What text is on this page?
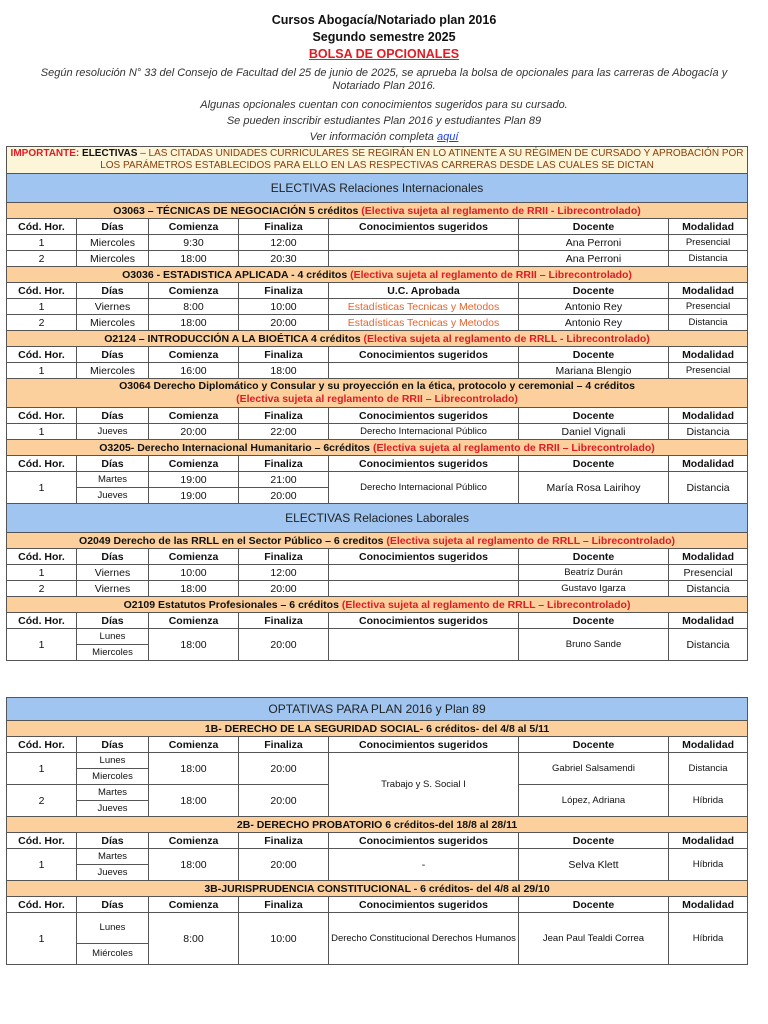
Cursos Abogacía/Notariado plan 2016
Segundo semestre 2025
BOLSA DE OPCIONALES
Según resolución N° 33 del Consejo de Facultad del 25 de junio de 2025, se aprueba la bolsa de opcionales para las carreras de Abogacía y Notariado Plan 2016.
Algunas opcionales cuentan con conocimientos sugeridos para su cursado.
Se pueden inscribir estudiantes Plan 2016 y estudiantes Plan 89
Ver información completa aquí
IMPORTANTE: ELECTIVAS – LAS CITADAS UNIDADES CURRICULARES SE REGIRÁN EN LO ATINENTE A SU RÉGIMEN DE CURSADO Y APROBACIÓN POR LOS PARÁMETROS ESTABLECIDOS PARA ELLO EN LAS RESPECTIVAS CARRERAS DESDE LAS CUALES SE DICTAN						
ELECTIVAS Relaciones Internacionales						
O3063 – TÉCNICAS DE NEGOCIACIÓN 5 créditos (Electiva sujeta al reglamento de RRII - Librecontrolado)						
Cód. Hor.	Días	Comienza	Finaliza	Conocimientos sugeridos	Docente	Modalidad
1	Miercoles	9:30	12:00		Ana Perroni	Presencial
2	Miercoles	18:00	20:30		Ana Perroni	Distancia
O3036 - ESTADISTICA APLICADA - 4 créditos (Electiva sujeta al reglamento de RRII – Librecontrolado)						
Cód. Hor.	Días	Comienza	Finaliza	U.C. Aprobada	Docente	Modalidad
1	Viernes	8:00	10:00	Estadísticas Tecnicas y Metodos	Antonio Rey	Presencial
2	Miercoles	18:00	20:00	Estadísticas Tecnicas y Metodos	Antonio Rey	Distancia
O2124 – INTRODUCCIÓN A LA BIOÉTICA 4 créditos (Electiva sujeta al reglamento de RRLL - Librecontrolado)						
Cód. Hor.	Días	Comienza	Finaliza	Conocimientos sugeridos	Docente	Modalidad
1	Miercoles	16:00	18:00		Mariana Blengio	Presencial
O3064 Derecho Diplomático y Consular y su proyección en la ética, protocolo y ceremonial – 4 créditos
(Electiva sujeta al reglamento de RRII – Librecontrolado)						
Cód. Hor.	Días	Comienza	Finaliza	Conocimientos sugeridos	Docente	Modalidad
1	Jueves	20:00	22:00	Derecho Internacional Público	Daniel Vignali	Distancia
O3205- Derecho Internacional Humanitario – 6créditos (Electiva sujeta al reglamento de RRII – Librecontrolado)						
Cód. Hor.	Días	Comienza	Finaliza	Conocimientos sugeridos	Docente	Modalidad
1	Martes	19:00	21:00	Derecho Internacional Público	María Rosa Lairihoy	Distancia
	Jueves	19:00	20:00			
ELECTIVAS Relaciones Laborales						
O2049 Derecho de las RRLL en el Sector Público – 6 creditos (Electiva sujeta al reglamento de RRLL – Librecontrolado)						
Cód. Hor.	Días	Comienza	Finaliza	Conocimientos sugeridos	Docente	Modalidad
1	Viernes	10:00	12:00		Beatríz Durán	Presencial
2	Viernes	18:00	20:00		Gustavo Igarza	Distancia
O2109 Estatutos Profesionales – 6 créditos (Electiva sujeta al reglamento de RRLL – Librecontrolado)						
Cód. Hor.	Días	Comienza	Finaliza	Conocimientos sugeridos	Docente	Modalidad
1	Lunes	18:00	20:00		Bruno Sande	Distancia
	Miercoles					
OPTATIVAS PARA PLAN 2016 y Plan 89						
1B- DERECHO DE LA SEGURIDAD SOCIAL- 6 créditos- del 4/8 al 5/11						
Cód. Hor.	Días	Comienza	Finaliza	Conocimientos sugeridos	Docente	Modalidad
1	Lunes	18:00	20:00	Trabajo y S. Social I	Gabriel Salsamendi	Distancia
	Miercoles					
2	Martes	18:00	20:00		López, Adriana	Híbrida
	Jueves					
2B- DERECHO PROBATORIO 6 créditos-del 18/8 al 28/11						
Cód. Hor.	Días	Comienza	Finaliza	Conocimientos sugeridos	Docente	Modalidad
1	Martes	18:00	20:00	-	Selva Klett	Híbrida
	Jueves					
3B-JURISPRUDENCIA CONSTITUCIONAL - 6 créditos- del 4/8 al 29/10						
Cód. Hor.	Días	Comienza	Finaliza	Conocimientos sugeridos	Docente	Modalidad
1	Lunes	8:00	10:00	Derecho Constitucional Derechos Humanos	Jean Paul Tealdi Correa	Híbrida
	Miércoles					
